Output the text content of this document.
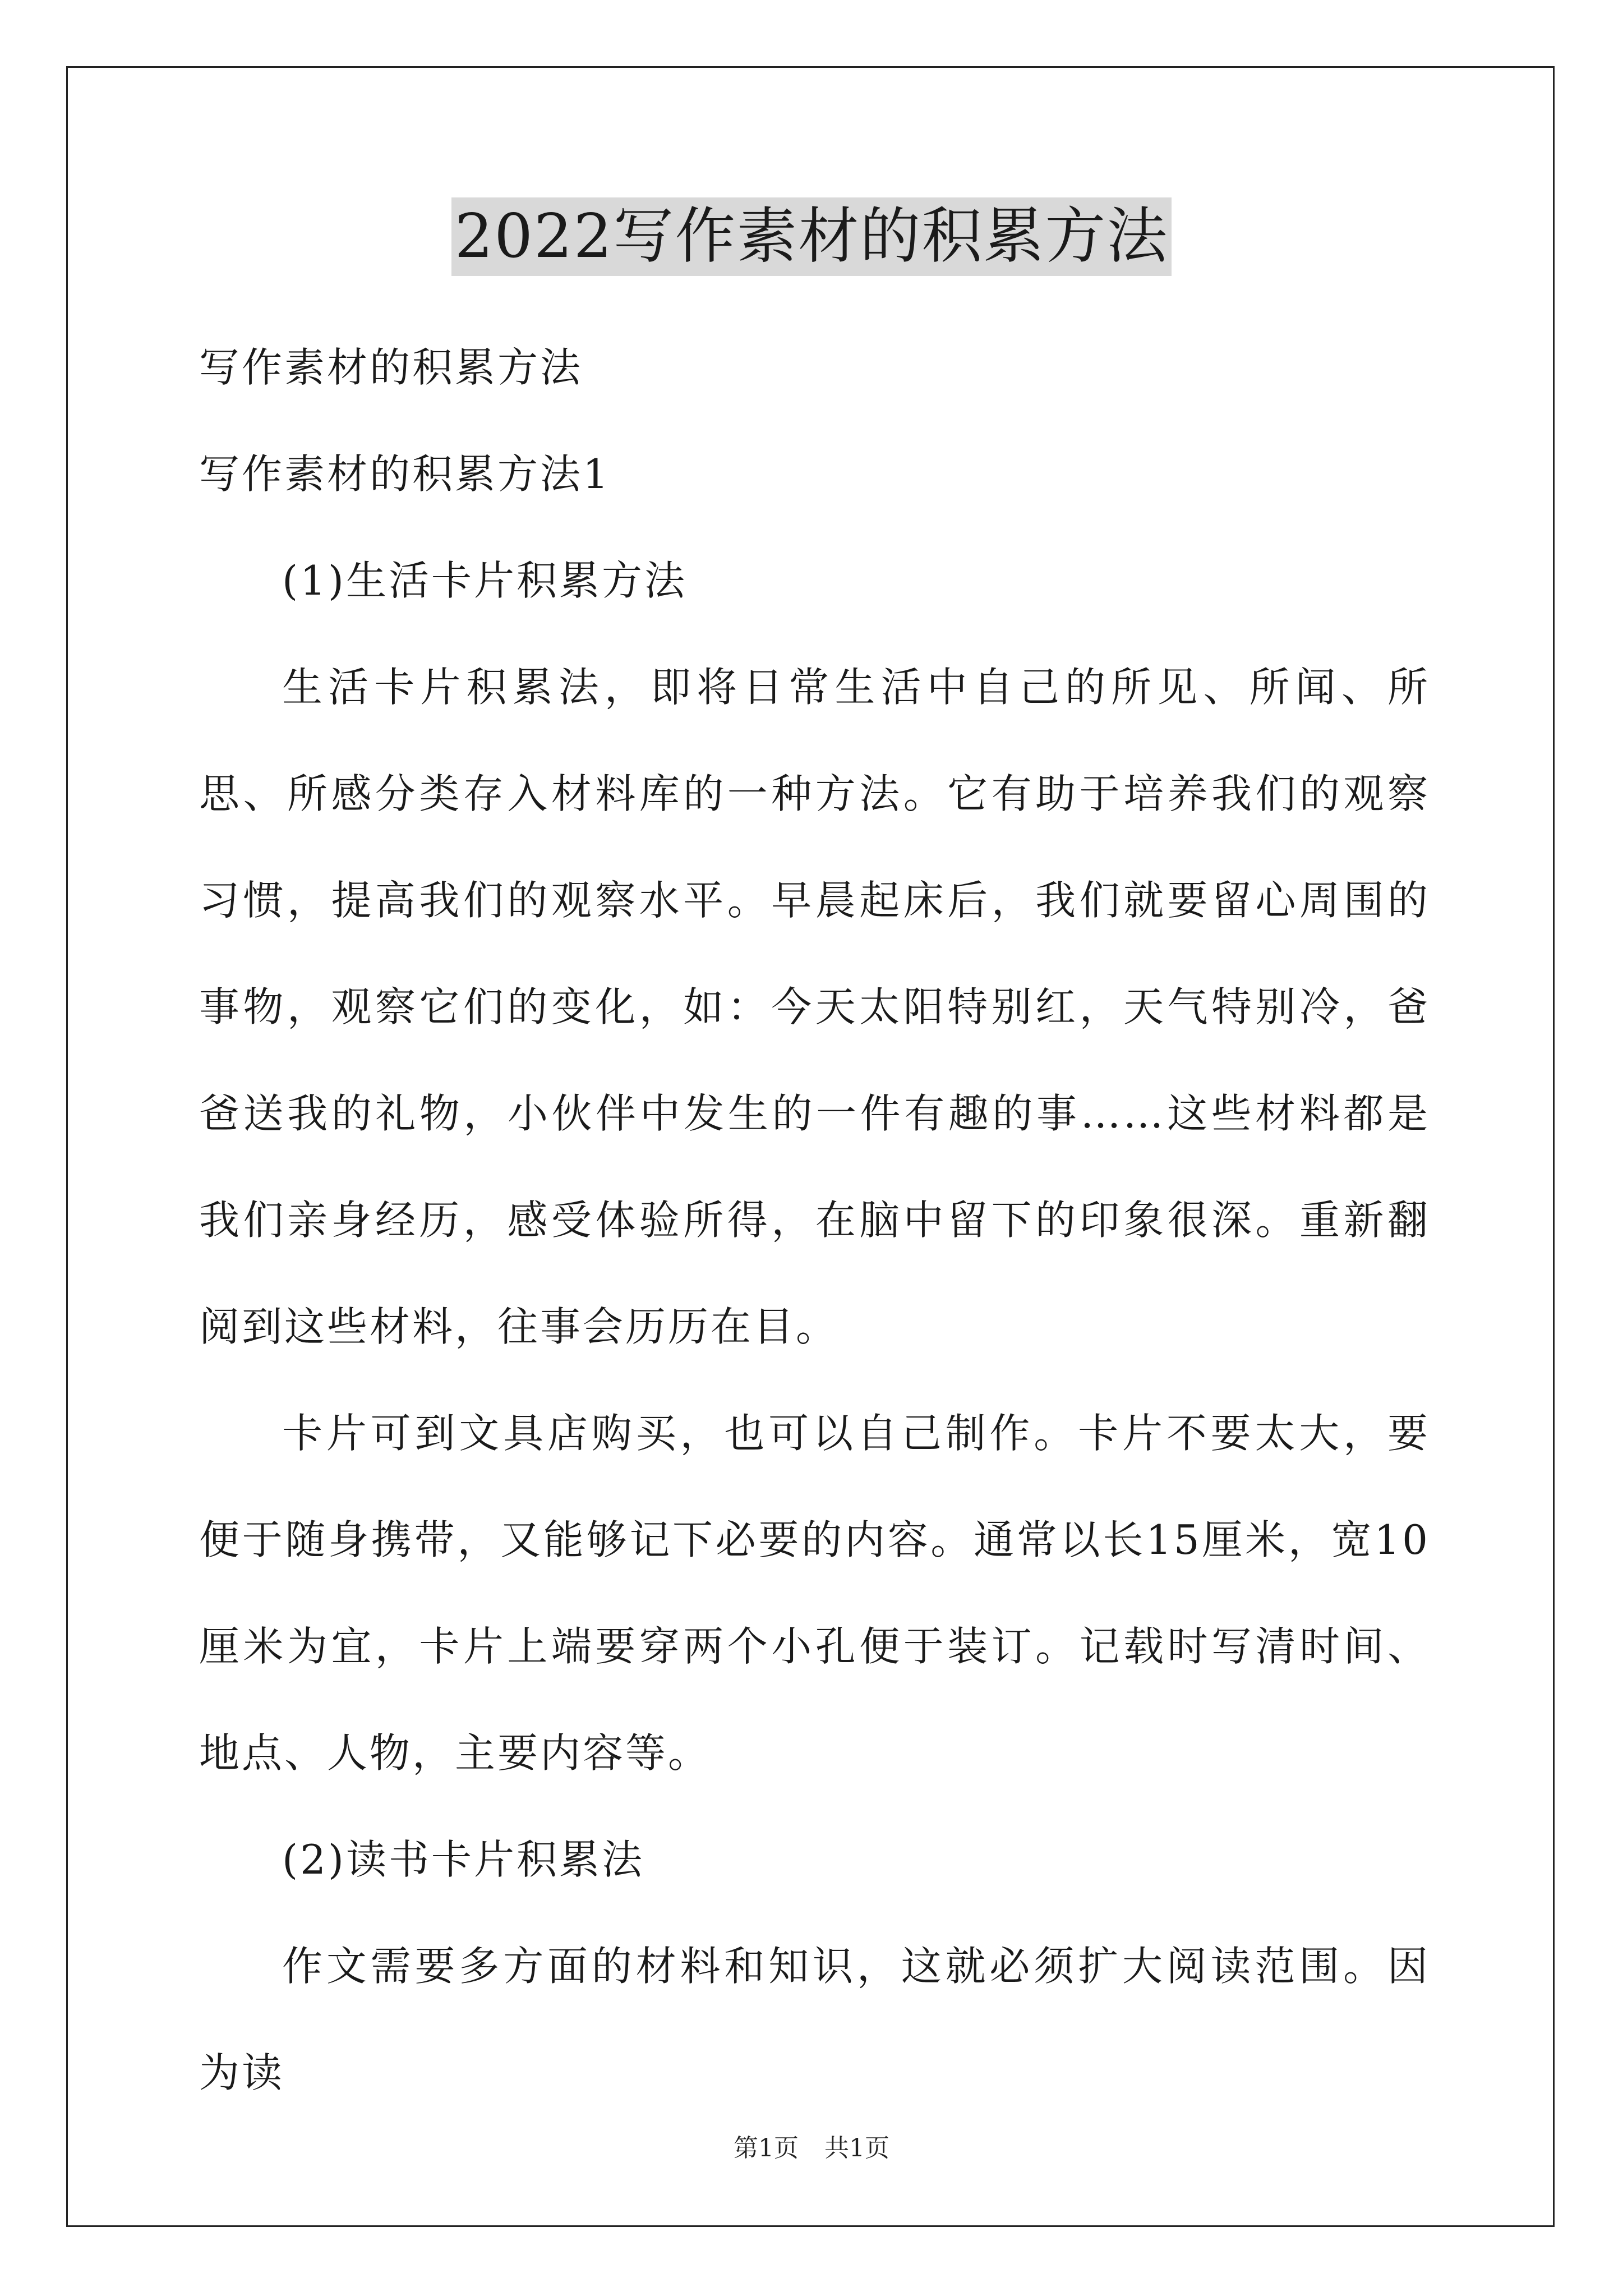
2022写作素材的积累方法

写作素材的积累方法

写作素材的积累方法1

(1)生活卡片积累方法

生活卡片积累法，即将日常生活中自己的所见、所闻、所思、所感分类存入材料库的一种方法。它有助于培养我们的观察习惯，提高我们的观察水平。早晨起床后，我们就要留心周围的事物，观察它们的变化，如：今天太阳特别红，天气特别冷，爸爸送我的礼物，小伙伴中发生的一件有趣的事……这些材料都是我们亲身经历，感受体验所得，在脑中留下的印象很深。重新翻阅到这些材料，往事会历历在目。

卡片可到文具店购买，也可以自己制作。卡片不要太大，要便于随身携带，又能够记下必要的内容。通常以长15厘米，宽10厘米为宜，卡片上端要穿两个小孔便于装订。记载时写清时间、地点、人物，主要内容等。

(2)读书卡片积累法

作文需要多方面的材料和知识，这就必须扩大阅读范围。因为读

第1页 共1页
